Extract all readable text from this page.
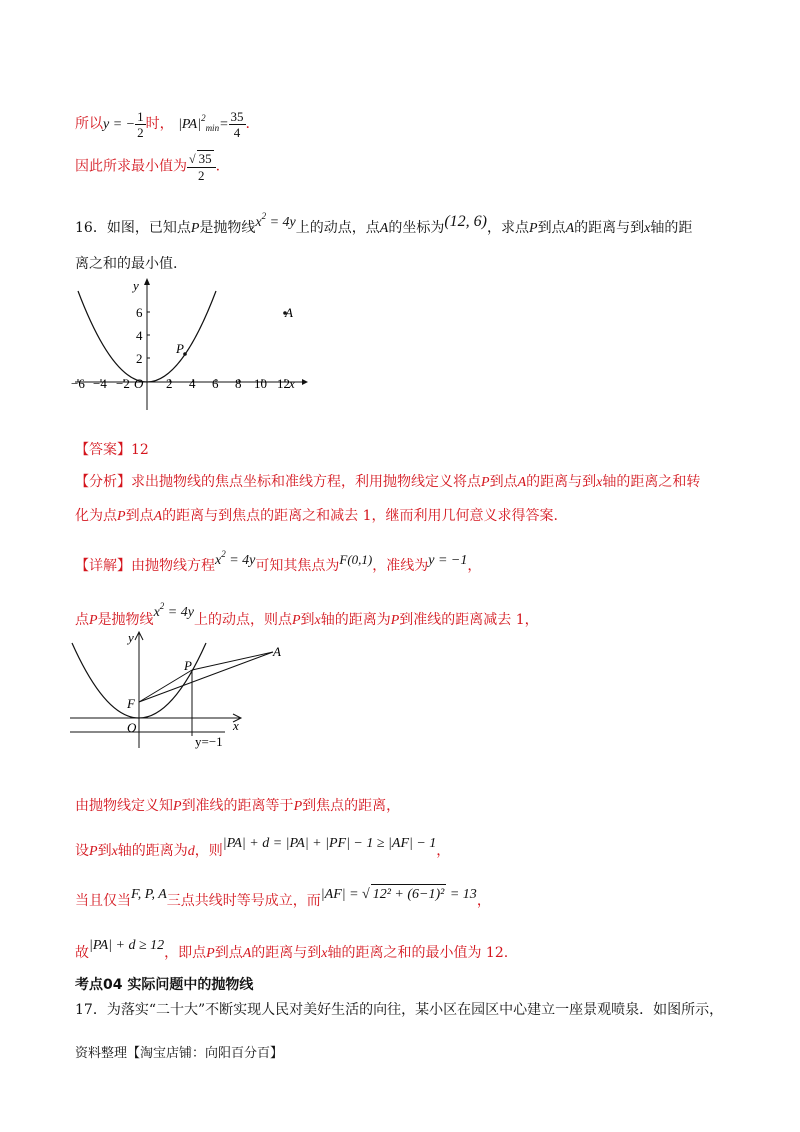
所以y = − $\frac{1}{2}$ 时， $|PA|^2_{min}= \frac{35}{4}$ .
因此所求最小值为 $\frac{√ 35}{2}$ .
16．如图，已知点P是抛物线$x^2 = 4y$上的动点，点A的坐标为(12, 6)，求点P到点A的距离与到x轴的距
离之和的最小值.
y
x
6
4
2
−6 −4 −2 O 2 4 6 8 10 12
P
A
【答案】12
【分析】求出抛物线的焦点坐标和准线方程，利用抛物线定义将点P到点A的距离与到x轴的距离之和转
化为点P到点A的距离与到焦点的距离之和减去 1，继而利用几何意义求得答案.
【详解】由抛物线方程$x^2 = 4y$可知其焦点为F(0,1)，准线为y = −1，
点P是抛物线$x^2 = 4y$上的动点，则点P到x轴的距离为P到准线的距离减去 1，
y
x
O
F
P
A
y=−1
由抛物线定义知P到准线的距离等于P到焦点的距离，
设P到x轴的距离为d，则|PA| + d = |PA| + |PF| − 1 ≥ |AF| − 1，
当且仅当F, P, A三点共线时等号成立，而|AF| = √ 12² + (6−1)² = 13，
故|PA| + d ≥ 12，即点P到点A的距离与到x轴的距离之和的最小值为 12.
考点04 实际问题中的抛物线
17．为落实“二十大”不断实现人民对美好生活的向往，某小区在园区中心建立一座景观喷泉．如图所示，
资料整理【淘宝店铺：向阳百分百】
